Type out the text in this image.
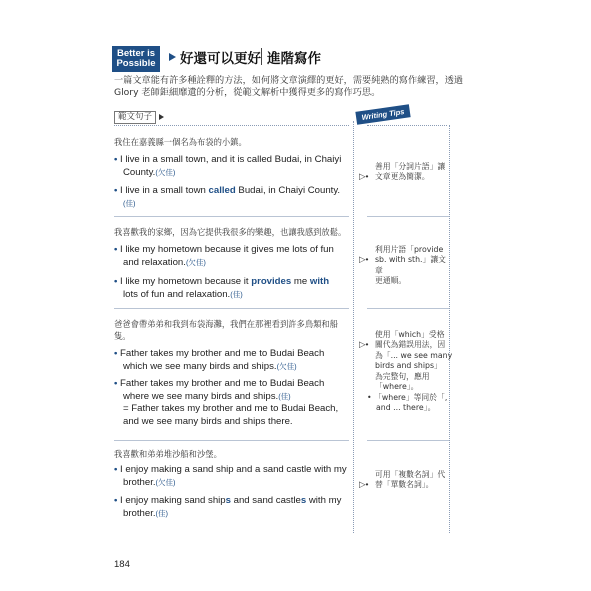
Better is
Possible	好還可以更好 進階寫作
一篇文章能有許多種詮釋的方法，如何將文章演繹的更好，需要純熟的寫作練習，透過
Glory 老師鉅細靡遺的分析，從範文解析中獲得更多的寫作巧思。
範文句子	Writing Tips
我住在嘉義縣一個名為布袋的小鎮。
• I live in a small town, and it is called Budai, in Chaiyi
County.(欠佳)
• I live in a small town called Budai, in Chaiyi County.
(佳)
▷•
善用「分詞片語」讓
文章更為簡潔。
我喜歡我的家鄉，因為它提供我很多的樂趣，也讓我感到放鬆。
• I like my hometown because it gives me lots of fun
and relaxation.(欠佳)
• I like my hometown because it provides me with
lots of fun and relaxation.(佳)
▷•
利用片語「provide
sb. with sth.」讓文章
更通順。
爸爸會帶弟弟和我到布袋海灘，我們在那裡看到許多鳥類和船
隻。
• Father takes my brother and me to Budai Beach
which we see many birds and ships.(欠佳)
• Father takes my brother and me to Budai Beach
where we see many birds and ships.(佳)
= Father takes my brother and me to Budai Beach,
and we see many birds and ships there.
▷•
使用「which」受格
關代為錯誤用法，因
為「... we see many
birds and ships」
為完整句，應用
「where」。
• 「where」等同於「,
and ... there」。
我喜歡和弟弟堆沙船和沙堡。
• I enjoy making a sand ship and a sand castle with my
brother.(欠佳)
• I enjoy making sand ships and sand castles with my
brother.(佳)
▷•
可用「複數名詞」代
替「單數名詞」。
184
